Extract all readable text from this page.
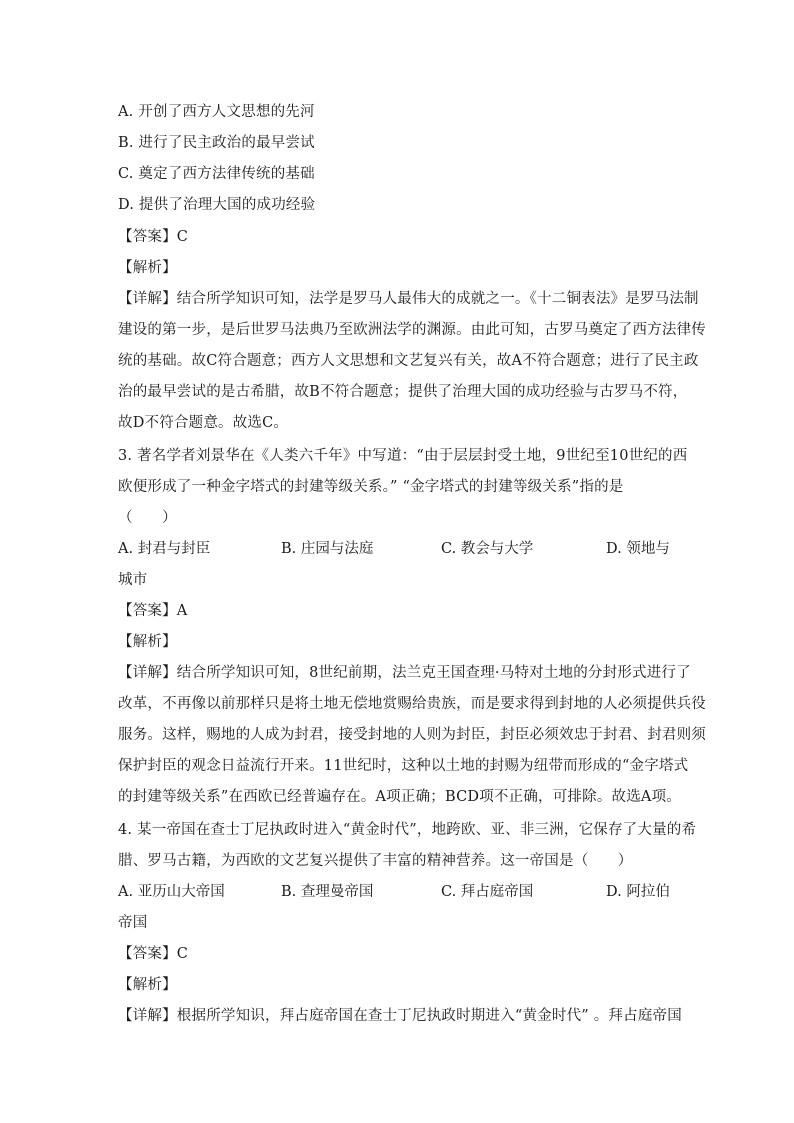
A. 开创了西方人文思想的先河
B. 进行了民主政治的最早尝试
C. 奠定了西方法律传统的基础
D. 提供了治理大国的成功经验
【答案】C
【解析】
【详解】结合所学知识可知，法学是罗马人最伟大的成就之一。《十二铜表法》是罗马法制
建设的第一步，是后世罗马法典乃至欧洲法学的渊源。由此可知，古罗马奠定了西方法律传
统的基础。故C符合题意；西方人文思想和文艺复兴有关，故A不符合题意；进行了民主政
治的最早尝试的是古希腊，故B不符合题意；提供了治理大国的成功经验与古罗马不符，
故D不符合题意。故选C。
3. 著名学者刘景华在《人类六千年》中写道：“由于层层封受土地，9世纪至10世纪的西
欧便形成了一种金字塔式的封建等级关系。” “金字塔式的封建等级关系”指的是
（　　）
A. 封君与封臣	B. 庄园与法庭	C. 教会与大学	D. 领地与
城市
【答案】A
【解析】
【详解】结合所学知识可知，8世纪前期，法兰克王国查理·马特对土地的分封形式进行了
改革，不再像以前那样只是将土地无偿地赏赐给贵族，而是要求得到封地的人必须提供兵役
服务。这样，赐地的人成为封君，接受封地的人则为封臣，封臣必须效忠于封君、封君则须
保护封臣的观念日益流行开来。11世纪时，这种以土地的封赐为纽带而形成的“金字塔式
的封建等级关系”在西欧已经普遍存在。A项正确；BCD项不正确，可排除。故选A项。
4. 某一帝国在查士丁尼执政时进入“黄金时代”，地跨欧、亚、非三洲，它保存了大量的希
腊、罗马古籍，为西欧的文艺复兴提供了丰富的精神营养。这一帝国是（　　）
A. 亚历山大帝国	B. 查理曼帝国	C. 拜占庭帝国	D. 阿拉伯
帝国
【答案】C
【解析】
【详解】根据所学知识，拜占庭帝国在查士丁尼执政时期进入“黄金时代” 。拜占庭帝国
